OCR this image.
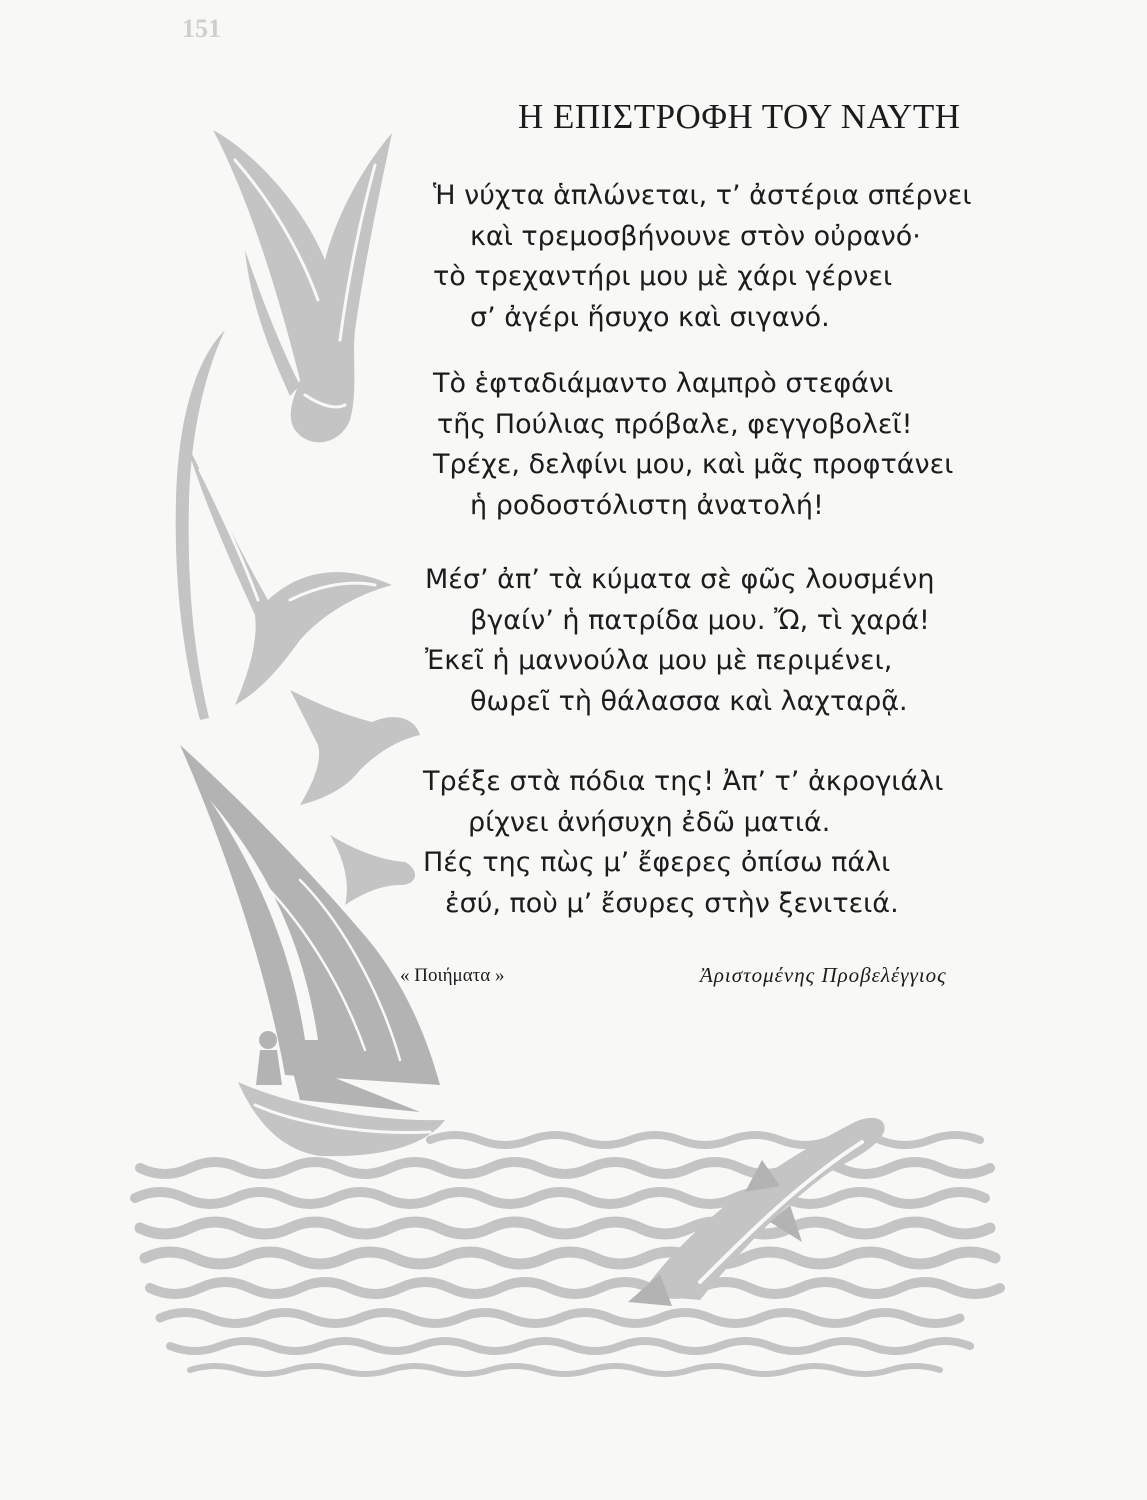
151
Η ΕΠΙΣΤΡΟΦΗ ΤΟΥ ΝΑΥΤΗ
Ἡ νύχτα ἁπλώνεται, τ’ ἀστέρια σπέρνει
καὶ τρεμοσβήνουνε στὸν οὐρανό·
τὸ τρεχαντήρι μου μὲ χάρι γέρνει
σ’ ἀγέρι ἥσυχο καὶ σιγανό.
Τὸ ἑφταδιάμαντο λαμπρὸ στεφάνι
τῆς Πούλιας πρόβαλε, φεγγοβολεῖ!
Τρέχε, δελφίνι μου, καὶ μᾶς προφτάνει
ἡ ροδοστόλιστη ἀνατολή!
Μέσ’ ἀπ’ τὰ κύματα σὲ φῶς λουσμένη
βγαίν’ ἡ πατρίδα μου. Ὤ, τὶ χαρά!
Ἐκεῖ ἡ μαννούλα μου μὲ περιμένει,
θωρεῖ τὴ θάλασσα καὶ λαχταρᾷ.
Τρέξε στὰ πόδια της! Ἀπ’ τ’ ἀκρογιάλι
ρίχνει ἀνήσυχη ἐδῶ ματιά.
Πές της πὼς μ’ ἔφερες ὀπίσω πάλι
ἐσύ, ποὺ μ’ ἔσυρες στὴν ξενιτειά.
« Ποιήματα »	Ἀριστομένης Προβελέγγιος
